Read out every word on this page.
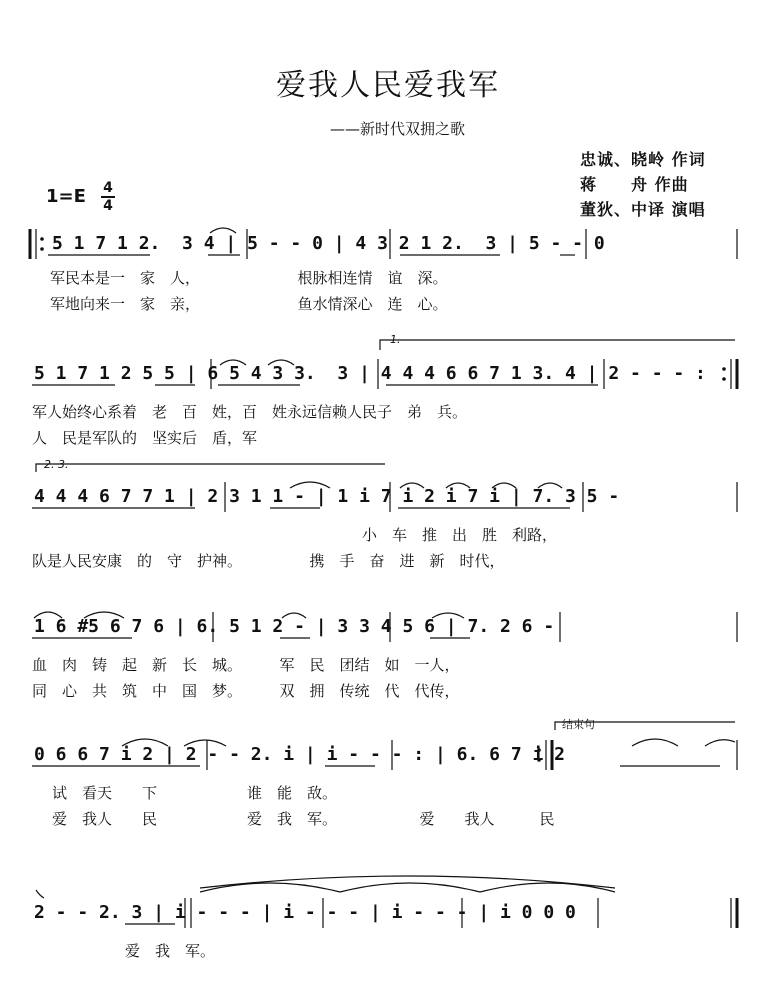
爱我人民爱我军
——新时代双拥之歌
忠诚、晓岭 作词
蒋　　舟 作曲
董狄、中译 演唱
1=E 4
4
5 1 7 1 2.  3 4 | 5 - - 0 | 4 3 2 1 2.  3 | 5 - - 0
军民本是一　家　人，　　　　　　　根脉相连情　谊　深。
军地向来一　家　亲，　　　　　　　鱼水情深心　连　心。
1.
5 1 7 1 2 5 5 | 6 5 4 3 3.  3 | 4 4 4 6 6 7 1 3. 4 | 2 - - - :
军人始终心系着　老　百　姓，百　姓永远信赖人民子　弟　兵。
人　民是军队的　坚实后　盾，军
2. 3.
4 4 4 6 7 7 1 | 2 3 1 1 - | 1 i 7 i 2 i 7 i | 7. 3 5 -
　　　　　　　　　　　　　　　　　　　　　　小　车　推　出　胜　利路，
队是人民安康　的　守　护神。　　　　　携　手　奋　进　新　时代，
1 6 #5 6 7 6 | 6. 5 1 2 - | 3 3 4 5 6 | 7. 2 6 -
血　肉　铸　起　新　长　城。　　　军　民　团结　如　一人，
同　心　共　筑　中　国　梦。　　　双　拥　传统　代　代传，
结束句
0 6 6 7 i 2 | 2 - - 2. i | i - - - : | 6. 6 7 i 2
试　看天　　下　　　　　　谁　能　敌。
爱　我人　　民　　　　　　爱　我　军。　　　　　　爱　　我人　　　民
2 - - 2. 3 | i - - - | i - - - | i - - - | i 0 0 0
爱　我　军。
